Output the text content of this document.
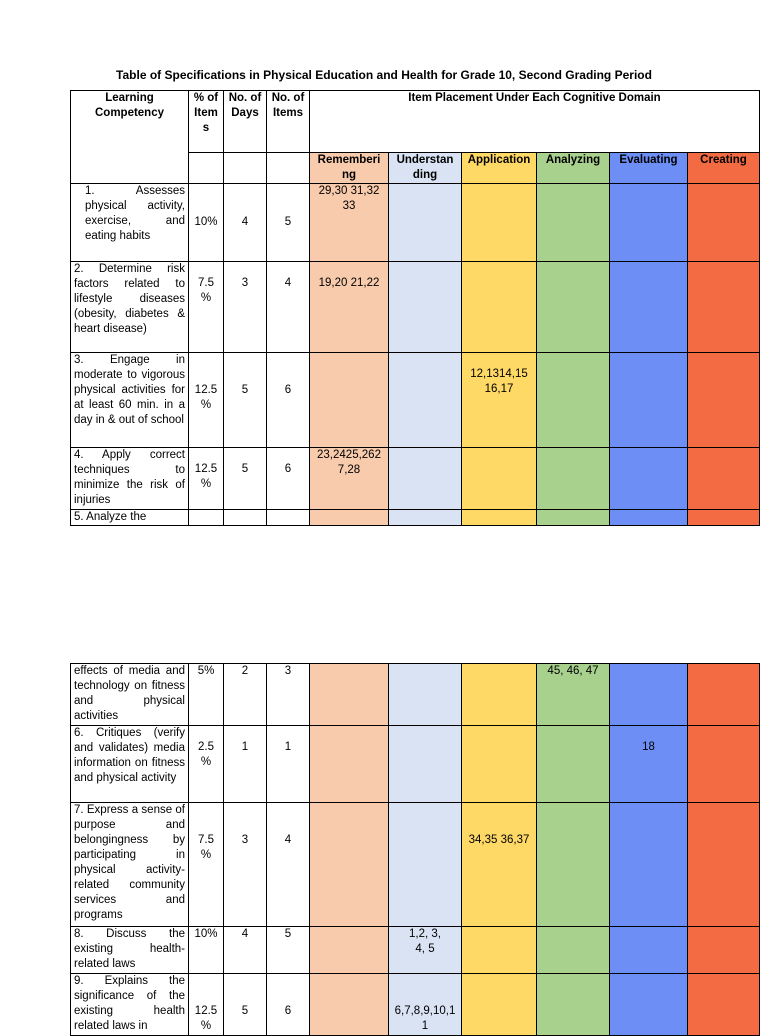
Table of Specifications in Physical Education and Health for Grade 10, Second Grading Period
Learning Competency	% of Item s	No. of Days	No. of Items	Item Placement Under Each Cognitive Domain					
				Rememberi ng	Understan ding	Application	Analyzing	Evaluating	Creating
1. Assesses physical activity, exercise, and eating habits	10%	4	5	29,30 31,32 33					
2. Determine risk factors related to lifestyle diseases (obesity, diabetes & heart disease)	7.5 %	3	4	19,20 21,22					
3. Engage in moderate to vigorous physical activities for at least 60 min. in a day in & out of school	12.5 %	5	6			12,1314,15 16,17			
4. Apply correct techniques to minimize the risk of injuries	12.5 %	5	6	23,2425,262 7,28					
5. Analyze the									
effects of media and technology on fitness and physical activities	5%	2	3				45, 46, 47		
6. Critiques (verify and validates) media information on fitness and physical activity	2.5 %	1	1					18	
7. Express a sense of purpose and belongingness by participating in physical activity-related community services and programs	7.5 %	3	4			34,35 36,37			
8. Discuss the existing health-related laws	10%	4	5		1,2, 3, 4, 5				
9. Explains the significance of the existing health related laws in	12.5 %	5	6		6,7,8,9,10,1 1				
